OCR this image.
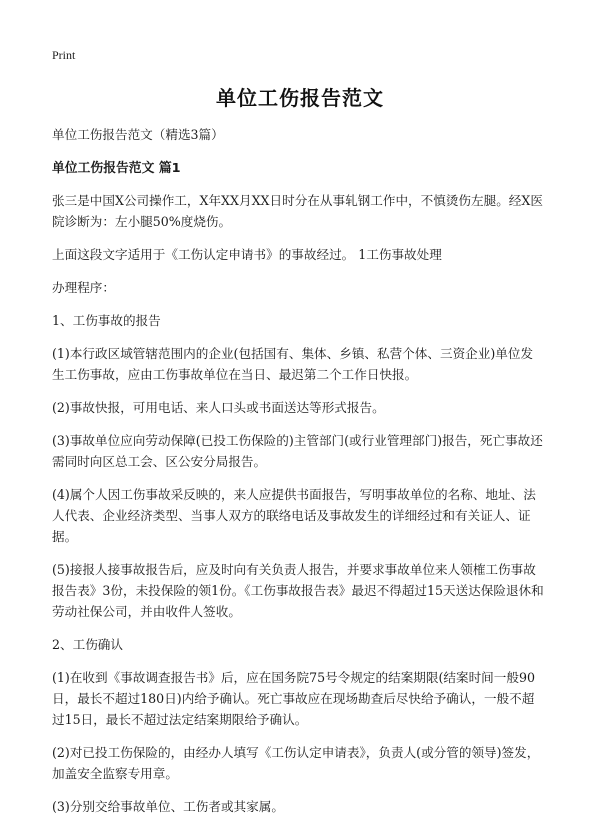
Print
单位工伤报告范文

单位工伤报告范文（精选3篇）

单位工伤报告范文 篇1

张三是中国X公司操作工，X年XX月XX日时分在从事轧钢工作中，不慎烫伤左腿。经X医院诊断为：左小腿50%度烧伤。

上面这段文字适用于《工伤认定申请书》的事故经过。 1工伤事故处理

办理程序：

1、工伤事故的报告

(1)本行政区域管辖范围内的企业(包括国有、集体、乡镇、私营个体、三资企业)单位发生工伤事故，应由工伤事故单位在当日、最迟第二个工作日快报。

(2)事故快报，可用电话、来人口头或书面送达等形式报告。

(3)事故单位应向劳动保障(已投工伤保险的)主管部门(或行业管理部门)报告，死亡事故还需同时向区总工会、区公安分局报告。

(4)属个人因工伤事故采反映的，来人应提供书面报告，写明事故单位的名称、地址、法人代表、企业经济类型、当事人双方的联络电话及事故发生的详细经过和有关证人、证据。

(5)接报人接事故报告后，应及时向有关负责人报告，并要求事故单位来人领榷工伤事故报告表》3份，未投保险的领1份。《工伤事故报告表》最迟不得超过15天送达保险退休和劳动社保公司，并由收件人签收。

2、工伤确认

(1)在收到《事故调查报告书》后，应在国务院75号令规定的结案期限(结案时间一般90日，最长不超过180日)内给予确认。死亡事故应在现场勘查后尽快给予确认，一般不超过15日，最长不超过法定结案期限给予确认。

(2)对已投工伤保险的，由经办人填写《工伤认定申请表》，负责人(或分管的领导)签发，加盖安全监察专用章。

(3)分别交给事故单位、工伤者或其家属。
